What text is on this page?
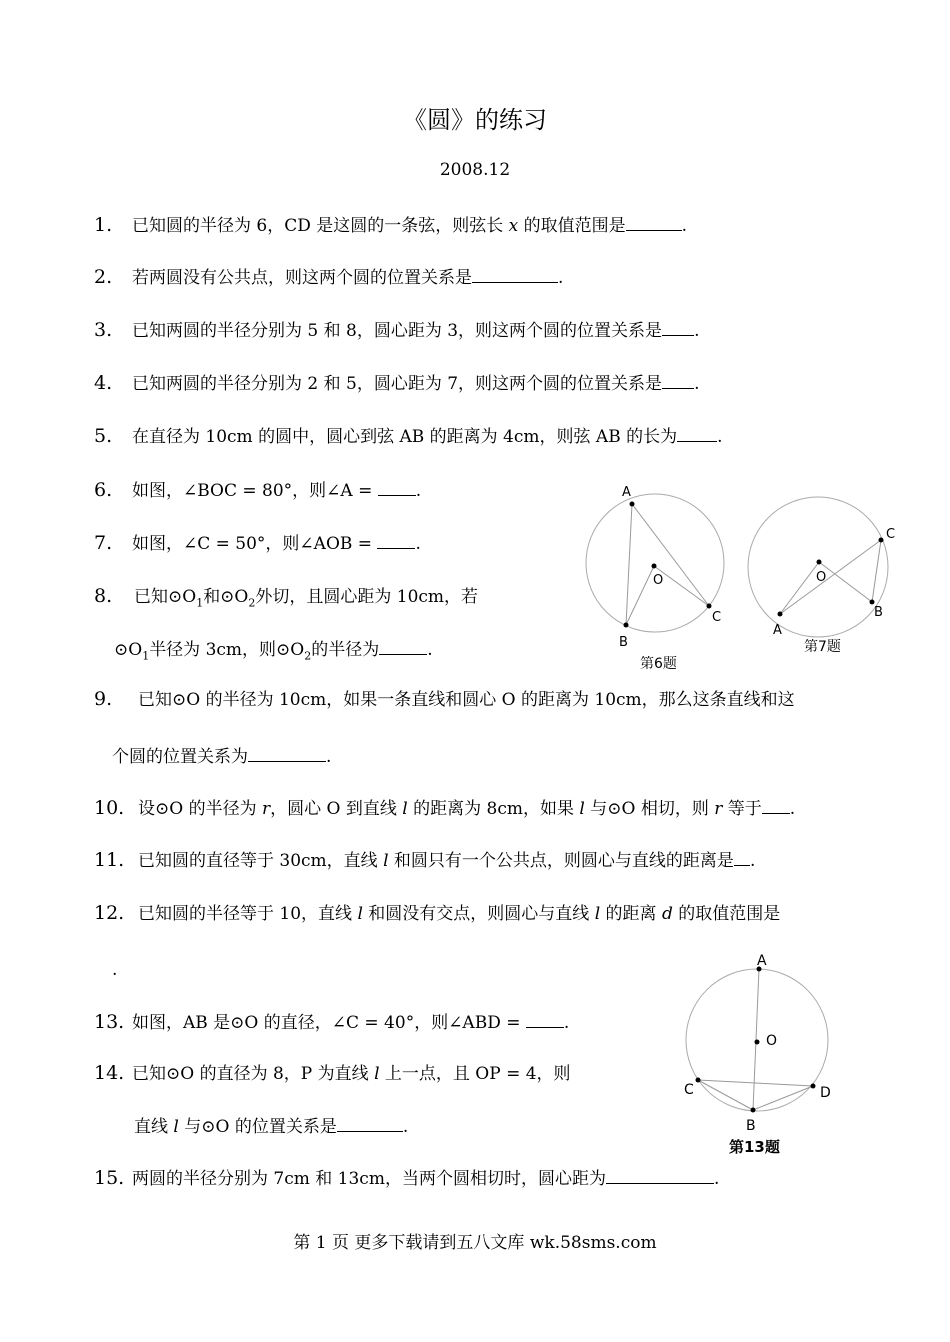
《圆》的练习
2008.12
1. 已知圆的半径为 6，CD 是这圆的一条弦，则弦长 x 的取值范围是	.
2. 若两圆没有公共点，则这两个圆的位置关系是	.
3. 已知两圆的半径分别为 5 和 8，圆心距为 3，则这两个圆的位置关系是 .
4. 已知两圆的半径分别为 2 和 5，圆心距为 7，则这两个圆的位置关系是 .
5. 在直径为 10cm 的圆中，圆心到弦 AB 的距离为 4cm，则弦 AB 的长为 .
6. 如图，∠BOC = 80°，则∠A = .
7. 如图，∠C = 50°，则∠AOB = .
8. 已知$⊙O_1$和$⊙O_2$外切，且圆心距为 10cm，若
$⊙O_1$半径为 3cm，则$⊙O_2$的半径为	.
9. 已知⊙O 的半径为 10cm，如果一条直线和圆心 O 的距离为 10cm，那么这条直线和这
个圆的位置关系为	.
10. 设⊙O 的半径为 r，圆心 O 到直线 l 的距离为 8cm，如果 l 与⊙O 相切，则 r 等于 .
11. 已知圆的直径等于 30cm，直线 l 和圆只有一个公共点，则圆心与直线的距离是 .
12. 已知圆的半径等于 10，直线 l 和圆没有交点，则圆心与直线 l 的距离 d 的取值范围是
.
13. 如图，AB 是⊙O 的直径，∠C = 40°，则∠ABD = .
14. 已知⊙O 的直径为 8，P 为直线 l 上一点，且 OP = 4，则
直线 l 与⊙O 的位置关系是	.
15. 两圆的半径分别为 7cm 和 13cm，当两个圆相切时，圆心距为	.
A
B
C
O
第6题
A
B
C
O
第7题
A
B
C	D
O
第13题
第 1 页 更多下载请到五八文库 wk.58sms.com
